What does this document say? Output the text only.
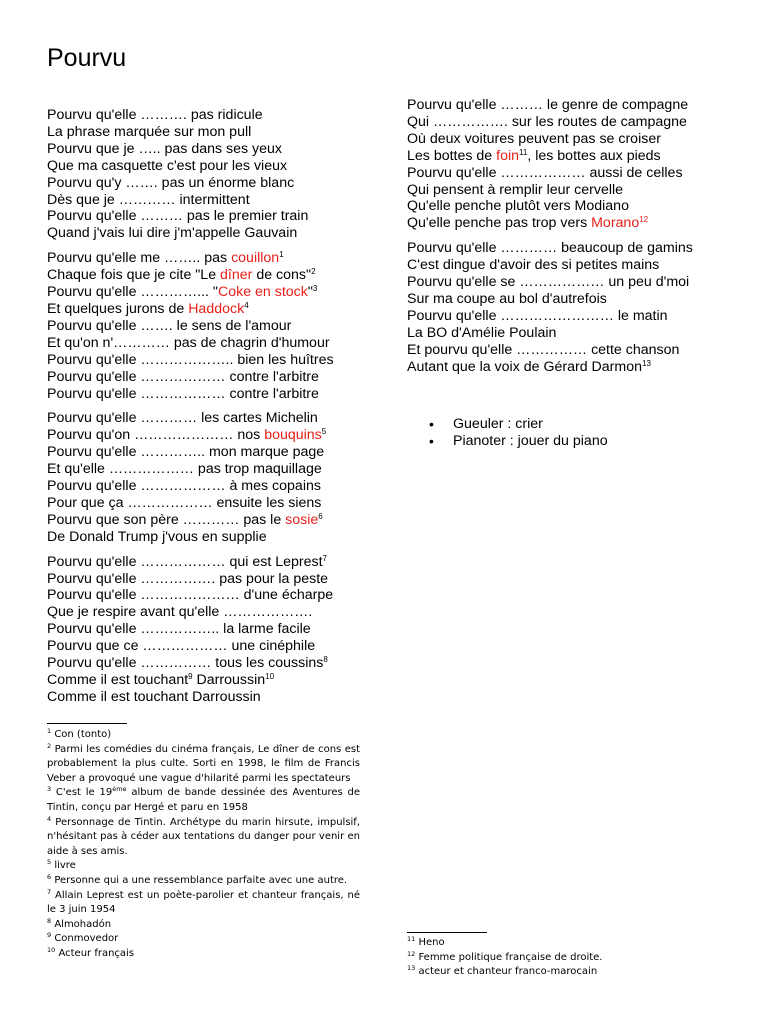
Pourvu
Pourvu qu'elle ………. pas ridicule
La phrase marquée sur mon pull
Pourvu que je ….. pas dans ses yeux
Que ma casquette c'est pour les vieux
Pourvu qu'y ……. pas un énorme blanc
Dès que je ………… intermittent
Pourvu qu'elle ……… pas le premier train
Quand j'vais lui dire j'm'appelle Gauvain
Pourvu qu'elle me …….. pas couillon$^1$
Chaque fois que je cite "Le dîner de cons"$^2$
Pourvu qu'elle …………... "Coke en stock"$^3$
Et quelques jurons de Haddock$^4$
Pourvu qu'elle ……. le sens de l'amour
Et qu'on n'………… pas de chagrin d'humour
Pourvu qu'elle ……………….. bien les huîtres
Pourvu qu'elle ……………… contre l'arbitre
Pourvu qu'elle ……………… contre l'arbitre
Pourvu qu'elle ………… les cartes Michelin
Pourvu qu'on ………………… nos bouquins$^5$
Pourvu qu'elle ………….. mon marque page
Et qu'elle ……………… pas trop maquillage
Pourvu qu'elle ……………… à mes copains
Pour que ça ……………… ensuite les siens
Pourvu que son père ………… pas le sosie$^6$
De Donald Trump j'vous en supplie
Pourvu qu'elle ……………… qui est Leprest$^7$
Pourvu qu'elle ……………. pas pour la peste
Pourvu qu'elle ………………… d'une écharpe
Que je respire avant qu'elle ……………….
Pourvu qu'elle …………….. la larme facile
Pourvu que ce ……………… une cinéphile
Pourvu qu'elle …………… tous les coussins$^8$
Comme il est touchant$^9$ Darroussin$^{10}$
Comme il est touchant Darroussin
Pourvu qu'elle ……… le genre de compagne
Qui ……………. sur les routes de campagne
Où deux voitures peuvent pas se croiser
Les bottes de foin$^{11}$, les bottes aux pieds
Pourvu qu'elle ……………… aussi de celles
Qui pensent à remplir leur cervelle
Qu'elle penche plutôt vers Modiano
Qu'elle penche pas trop vers Morano$^{12}$
Pourvu qu'elle ………… beaucoup de gamins
C'est dingue d'avoir des si petites mains
Pourvu qu'elle se ……………… un peu d'moi
Sur ma coupe au bol d'autrefois
Pourvu qu'elle …………………… le matin
La BO d'Amélie Poulain
Et pourvu qu'elle …………… cette chanson
Autant que la voix de Gérard Darmon$^{13}$
• Gueuler : crier
• Pianoter : jouer du piano
$^1$ Con (tonto)
$^2$ Parmi les comédies du cinéma français, Le dîner de cons est probablement la plus culte. Sorti en 1998, le film de Francis Veber a provoqué une vague d'hilarité parmi les spectateurs
$^3$ C'est le 19ème album de bande dessinée des Aventures de Tintin, conçu par Hergé et paru en 1958
$^4$ Personnage de Tintin. Archétype du marin hirsute, impulsif, n'hésitant pas à céder aux tentations du danger pour venir en aide à ses amis.
$^5$ livre
$^6$ Personne qui a une ressemblance parfaite avec une autre.
$^7$ Allain Leprest est un poète-parolier et chanteur français, né le 3 juin 1954
$^8$ Almohadón
$^9$ Conmovedor
$^{10}$ Acteur français
$^{11}$ Heno
$^{12}$ Femme politique française de droite.
$^{13}$ acteur et chanteur franco-marocain
